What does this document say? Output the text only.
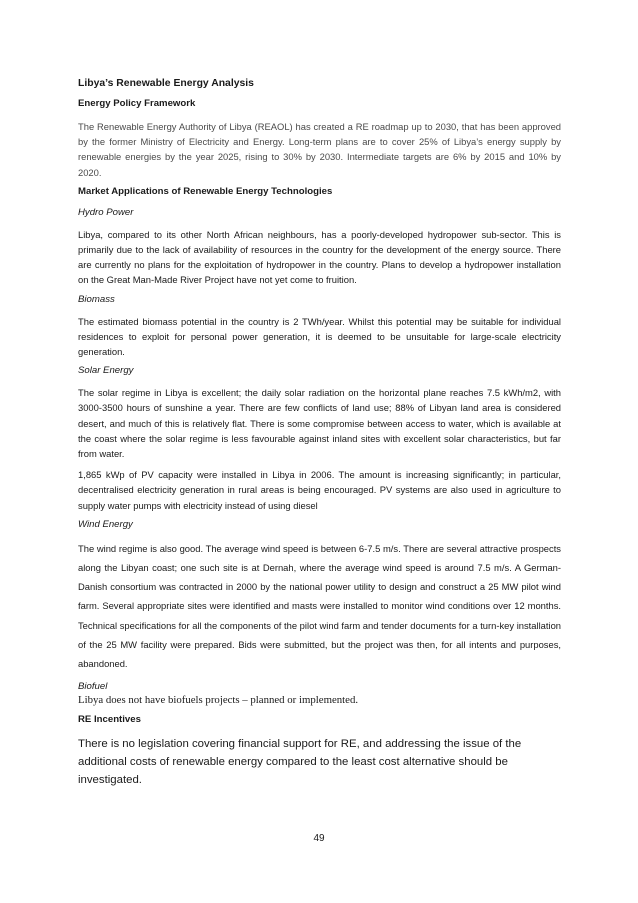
Libya’s Renewable Energy Analysis
Energy Policy Framework

The Renewable Energy Authority of Libya (REAOL) has created a RE roadmap up to 2030, that has been approved by the former Ministry of Electricity and Energy. Long-term plans are to cover 25% of Libya’s energy supply by renewable energies by the year 2025, rising to 30% by 2030. Intermediate targets are 6% by 2015 and 10% by 2020.

Market Applications of Renewable Energy Technologies
Hydro Power

Libya, compared to its other North African neighbours, has a poorly-developed hydropower sub-sector. This is primarily due to the lack of availability of resources in the country for the development of the energy source. There are currently no plans for the exploitation of hydropower in the country. Plans to develop a hydropower installation on the Great Man-Made River Project have not yet come to fruition.

Biomass

The estimated biomass potential in the country is 2 TWh/year. Whilst this potential may be suitable for individual residences to exploit for personal power generation, it is deemed to be unsuitable for large-scale electricity generation.

Solar Energy

The solar regime in Libya is excellent; the daily solar radiation on the horizontal plane reaches 7.5 kWh/m2, with 3000-3500 hours of sunshine a year. There are few conflicts of land use; 88% of Libyan land area is considered desert, and much of this is relatively flat. There is some compromise between access to water, which is available at the coast where the solar regime is less favourable against inland sites with excellent solar characteristics, but far from water.

1,865 kWp of PV capacity were installed in Libya in 2006. The amount is increasing significantly; in particular, decentralised electricity generation in rural areas is being encouraged. PV systems are also used in agriculture to supply water pumps with electricity instead of using diesel

Wind Energy

The wind regime is also good. The average wind speed is between 6-7.5 m/s. There are several attractive prospects along the Libyan coast; one such site is at Dernah, where the average wind speed is around 7.5 m/s. A German-Danish consortium was contracted in 2000 by the national power utility to design and construct a 25 MW pilot wind farm. Several appropriate sites were identified and masts were installed to monitor wind conditions over 12 months. Technical specifications for all the components of the pilot wind farm and tender documents for a turn-key installation of the 25 MW facility were prepared. Bids were submitted, but the project was then, for all intents and purposes, abandoned.

Biofuel
Libya does not have biofuels projects – planned or implemented.
RE Incentives

There is no legislation covering financial support for RE, and addressing the issue of the additional costs of renewable energy compared to the least cost alternative should be investigated.

49
